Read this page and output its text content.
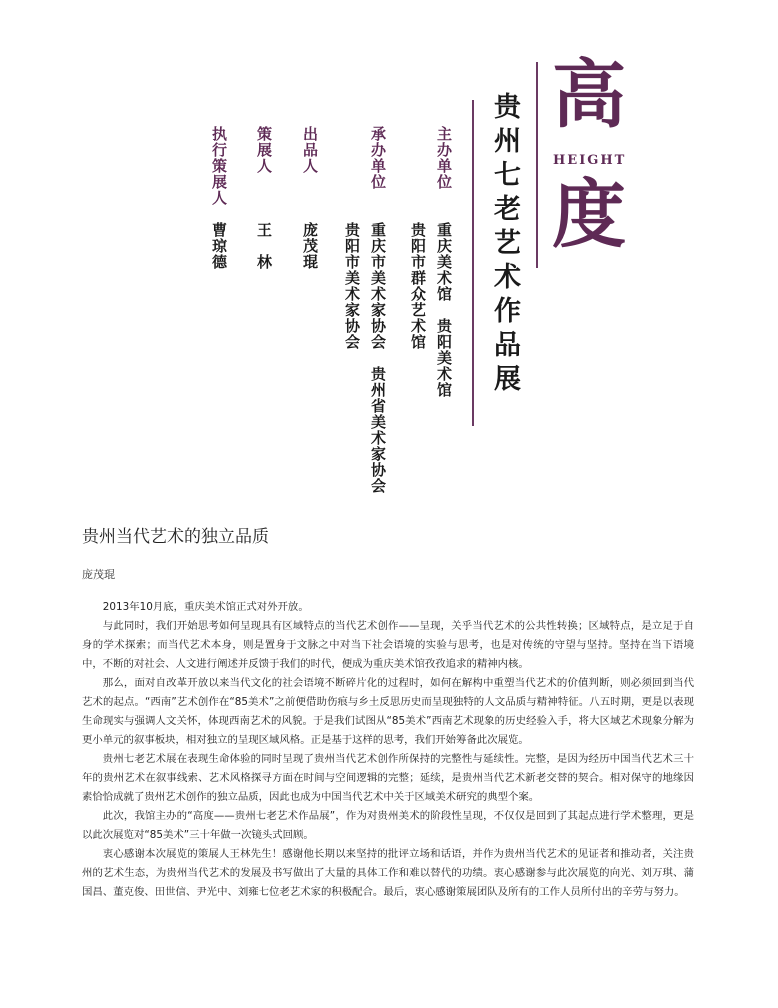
高
HEIGHT
度
贵州七老艺术作品展
主办单位
重庆美术馆　贵阳美术馆
贵阳市群众艺术馆
承办单位
重庆市美术家协会　贵州省美术家协会
贵阳市美术家协会
出品人
庞茂琨
策展人
王　林
执行策展人
曹琼德
贵州当代艺术的独立品质
庞茂琨

2013年10月底，重庆美术馆正式对外开放。

与此同时，我们开始思考如何呈现具有区域特点的当代艺术创作——呈现，关乎当代艺术的公共性转换；区域特点，是立足于自身的学术探索；而当代艺术本身，则是置身于文脉之中对当下社会语境的实验与思考，也是对传统的守望与坚持。坚持在当下语境中，不断的对社会、人文进行阐述并反馈于我们的时代，便成为重庆美术馆孜孜追求的精神内核。

那么，面对自改革开放以来当代文化的社会语境不断碎片化的过程时，如何在解构中重塑当代艺术的价值判断，则必须回到当代艺术的起点。“西南”艺术创作在“85美术”之前便借助伤痕与乡土反思历史而呈现独特的人文品质与精神特征。八五时期，更是以表现生命现实与强调人文关怀，体现西南艺术的风貌。于是我们试图从“85美术”西南艺术现象的历史经验入手，将大区域艺术现象分解为更小单元的叙事板块，相对独立的呈现区域风格。正是基于这样的思考，我们开始筹备此次展览。

贵州七老艺术展在表现生命体验的同时呈现了贵州当代艺术创作所保持的完整性与延续性。完整，是因为经历中国当代艺术三十年的贵州艺术在叙事线索、艺术风格探寻方面在时间与空间逻辑的完整；延续，是贵州当代艺术新老交替的契合。相对保守的地缘因素恰恰成就了贵州艺术创作的独立品质，因此也成为中国当代艺术中关于区域美术研究的典型个案。

此次，我馆主办的“高度——贵州七老艺术作品展”，作为对贵州美术的阶段性呈现，不仅仅是回到了其起点进行学术整理，更是以此次展览对“85美术”三十年做一次镜头式回顾。

衷心感谢本次展览的策展人王林先生！感谢他长期以来坚持的批评立场和话语，并作为贵州当代艺术的见证者和推动者，关注贵州的艺术生态，为贵州当代艺术的发展及书写做出了大量的具体工作和难以替代的功绩。衷心感谢参与此次展览的向光、刘万琪、蒲国昌、董克俊、田世信、尹光中、刘雍七位老艺术家的积极配合。最后，衷心感谢策展团队及所有的工作人员所付出的辛劳与努力。
